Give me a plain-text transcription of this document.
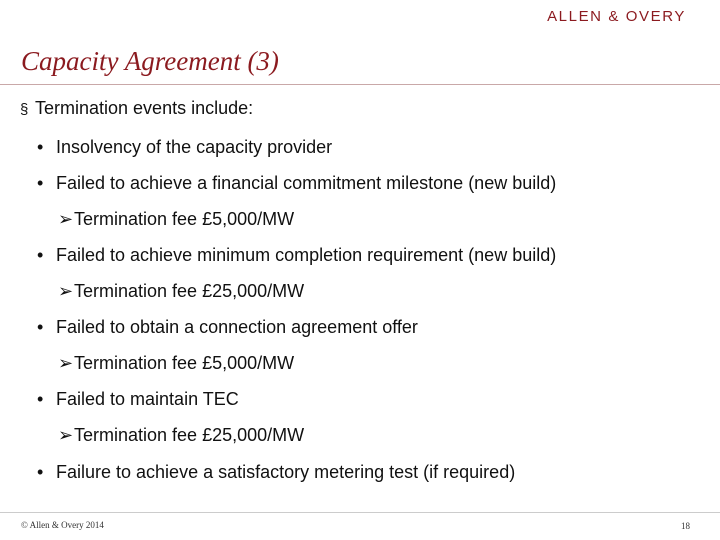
ALLEN & OVERY
Capacity Agreement (3)
§ Termination events include:
• Insolvency of the capacity provider
• Failed to achieve a financial commitment milestone (new build)
➢Termination fee £5,000/MW
• Failed to achieve minimum completion requirement (new build)
➢Termination fee £25,000/MW
• Failed to obtain a connection agreement offer
➢Termination fee £5,000/MW
• Failed to maintain TEC
➢Termination fee £25,000/MW
• Failure to achieve a satisfactory metering test (if required)
© Allen & Overy 2014	18
